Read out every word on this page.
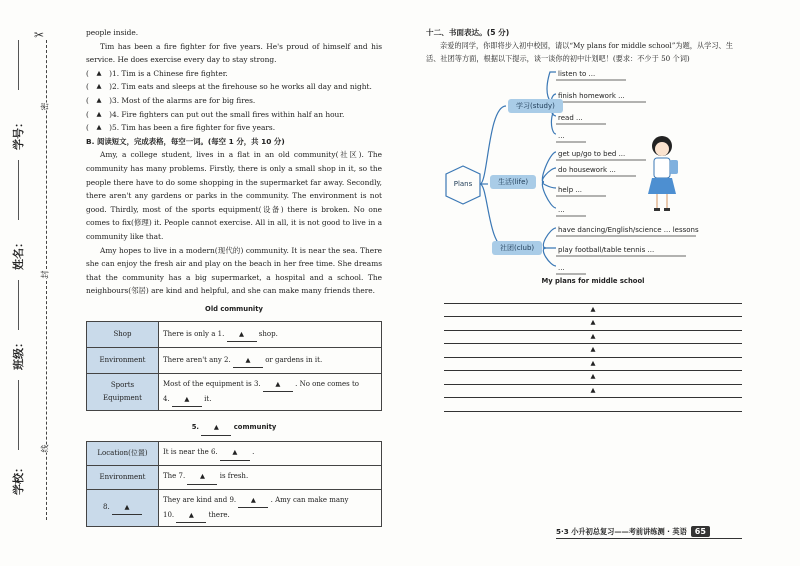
✂
学号：
姓名：
班级：
学校：
密
封
线

people inside.

Tim has been a fire fighter for five years. He's proud of himself and his service. He does exercise every day to stay strong.

( ▲ ) 1. Tim is a Chinese fire fighter.
( ▲ ) 2. Tim eats and sleeps at the firehouse so he works all day and night.
( ▲ ) 3. Most of the alarms are for big fires.
( ▲ ) 4. Fire fighters can put out the small fires within half an hour.
( ▲ ) 5. Tim has been a fire fighter for five years.

B. 阅读短文，完成表格，每空一词。(每空 1 分，共 10 分)

Amy, a college student, lives in a flat in an old community(社区). The community has many problems. Firstly, there is only a small shop in it, so the people there have to do some shopping in the supermarket far away. Secondly, there aren't any gardens or parks in the community. The environment is not good. Thirdly, most of the sports equipment(设备) there is broken. No one comes to fix(修理) it. People cannot exercise. All in all, it is not good to live in a community like that.

Amy hopes to live in a modern(现代的) community. It is near the sea. There she can enjoy the fresh air and play on the beach in her free time. She dreams that the community has a big supermarket, a hospital and a school. The neighbours(邻居) are kind and helpful, and she can make many friends there.

Old community
Shop	There is only a 1. ▲ shop.
Environment	There aren't any 2. ▲ or gardens in it.
Sports Equipment	Most of the equipment is 3. ▲ . No one comes to
4. ▲ it.
5. ▲ community
Location(位置)	It is near the 6. ▲ .
Environment	The 7. ▲ is fresh.
8. ▲	They are kind and 9. ▲ . Amy can make many
10. ▲ there.

十二、书面表达。(5 分)

亲爱的同学，你即将步入初中校园，请以“My plans for middle school”为题，从学习、生活、社团等方面，根据以下提示，谈一谈你的初中计划吧！(要求：不少于 50 个词)

Plans
学习(study)
listen to ...
finish homework ...
read ...
...
生活(life)
get up/go to bed ...
do housework ...
help ...
...
社团(club)
have dancing/English/science ... lessons
play football/table tennis ...
...
My plans for middle school
▲
▲
▲
▲
▲
▲
▲
5·3 小升初总复习——考前讲练测 · 英语	65
